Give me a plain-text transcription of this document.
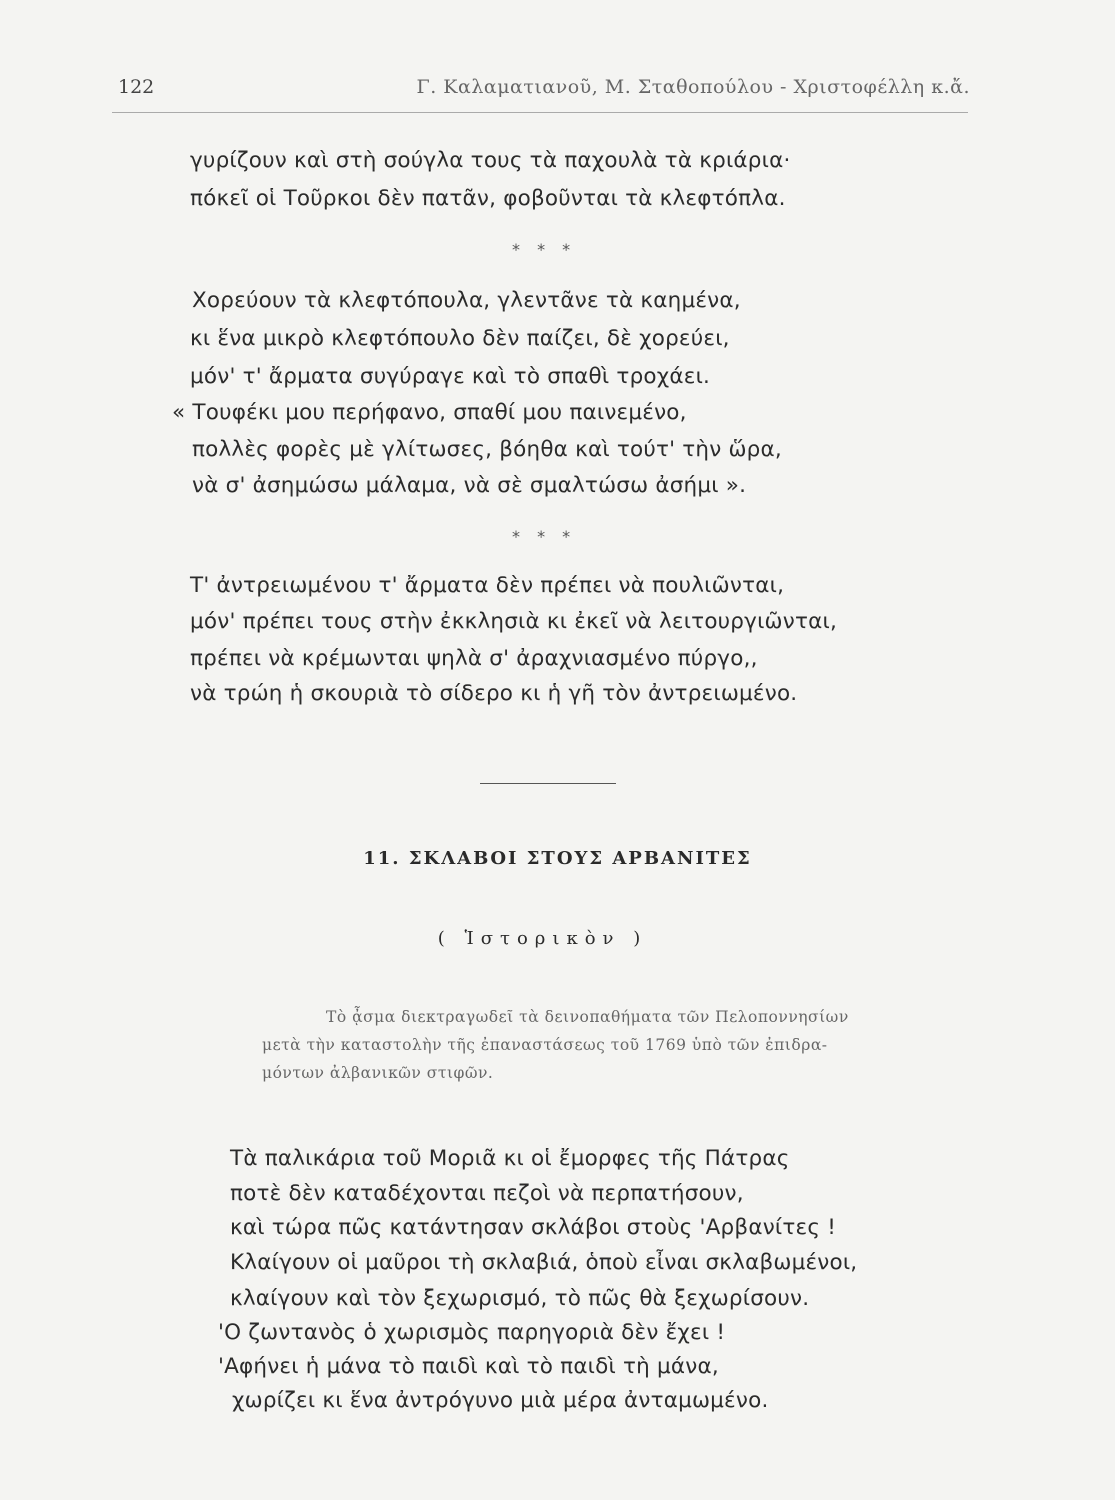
122	Γ. Καλαματιανοῦ, Μ. Σταθοπούλου - Χριστοφέλλη κ.ἄ.
γυρίζουν καὶ στὴ σούγλα τους τὰ παχουλὰ τὰ κριάρια·
πόκεῖ οἱ Τοῦρκοι δὲν πατᾶν, φοβοῦνται τὰ κλεφτόπλα.
* * *
Χορεύουν τὰ κλεφτόπουλα, γλεντᾶνε τὰ καημένα,
κι ἕνα μικρὸ κλεφτόπουλο δὲν παίζει, δὲ χορεύει,
μόν' τ' ἄρματα συγύραγε καὶ τὸ σπαθὶ τροχάει.
« Τουφέκι μου περήφανο, σπαθί μου παινεμένο,
πολλὲς φορὲς μὲ γλίτωσες, βόηθα καὶ τούτ' τὴν ὥρα,
νὰ σ' ἀσημώσω μάλαμα, νὰ σὲ σμαλτώσω ἀσήμι ».
* * *
Τ' ἀντρειωμένου τ' ἄρματα δὲν πρέπει νὰ πουλιῶνται,
μόν' πρέπει τους στὴν ἐκκλησιὰ κι ἐκεῖ νὰ λειτουργιῶνται,
πρέπει νὰ κρέμωνται ψηλὰ σ' ἀραχνιασμένο πύργο,,
νὰ τρώη ἡ σκουριὰ τὸ σίδερο κι ἡ γῆ τὸν ἀντρειωμένο.
11. ΣΚΛΑΒΟΙ ΣΤΟΥΣ ΑΡΒΑΝΙΤΕΣ
( Ἱστορικὸν )
Τὸ ᾆσμα διεκτραγωδεῖ τὰ δεινοπαθήματα τῶν Πελοποννησίων
μετὰ τὴν καταστολὴν τῆς ἐπαναστάσεως τοῦ 1769 ὑπὸ τῶν ἐπιδρα-
μόντων ἀλβανικῶν στιφῶν.
Τὰ παλικάρια τοῦ Μοριᾶ κι οἱ ἔμορφες τῆς Πάτρας
ποτὲ δὲν καταδέχονται πεζοὶ νὰ περπατήσουν,
καὶ τώρα πῶς κατάντησαν σκλάβοι στοὺς 'Αρβανίτες !
Κλαίγουν οἱ μαῦροι τὴ σκλαβιά, ὁποὺ εἶναι σκλαβωμένοι,
κλαίγουν καὶ τὸν ξεχωρισμό, τὸ πῶς θὰ ξεχωρίσουν.
'Ο ζωντανὸς ὁ χωρισμὸς παρηγοριὰ δὲν ἔχει !
'Αφήνει ἡ μάνα τὸ παιδὶ καὶ τὸ παιδὶ τὴ μάνα,
χωρίζει κι ἕνα ἀντρόγυνο μιὰ μέρα ἀνταμωμένο.
